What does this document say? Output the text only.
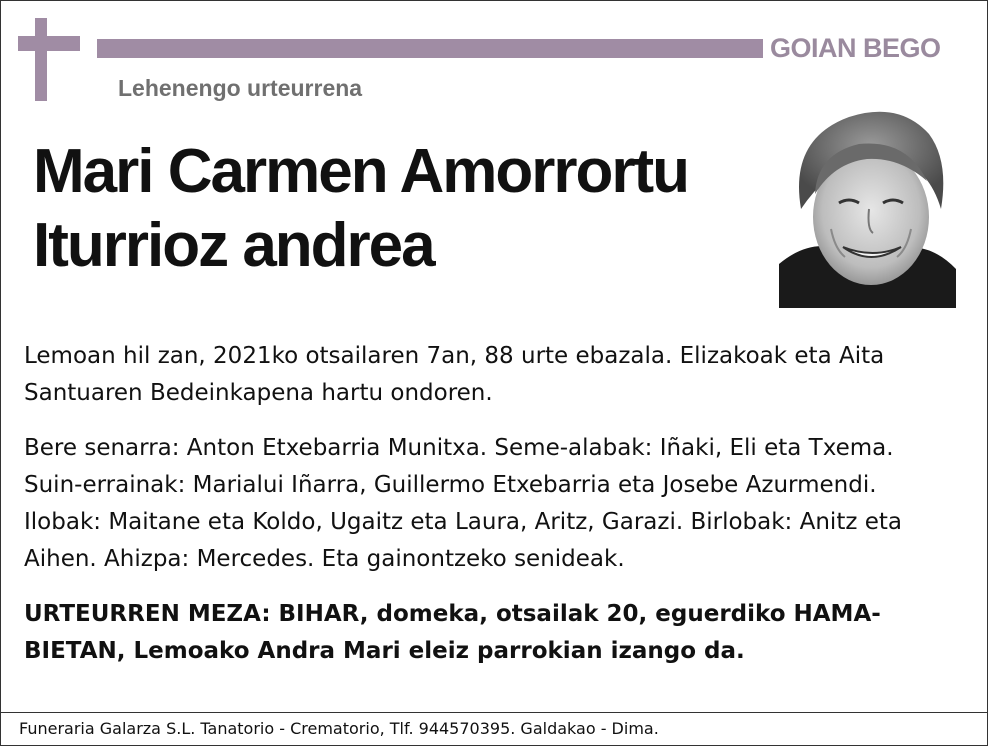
GOIAN BEGO
Lehenengo urteurrena
Mari Carmen Amorrortu
Iturrioz andrea

Lemoan hil zan, 2021ko otsailaren 7an, 88 urte ebazala. Elizakoak eta Aita Santuaren Bedeinkapena hartu ondoren.

Bere senarra: Anton Etxebarria Munitxa. Seme-alabak: Iñaki, Eli eta Txema. Suin-errainak: Marialui Iñarra, Guillermo Etxebarria eta Josebe Azurmendi. Ilobak: Maitane eta Koldo, Ugaitz eta Laura, Aritz, Garazi. Birlobak: Anitz eta Aihen. Ahizpa: Mercedes. Eta gainontzeko senideak.

URTEURREN MEZA: BIHAR, domeka, otsailak 20, eguerdiko HAMA-BIETAN, Lemoako Andra Mari eleiz parrokian izango da.

Funeraria Galarza S.L. Tanatorio - Crematorio, Tlf. 944570395. Galdakao - Dima.
